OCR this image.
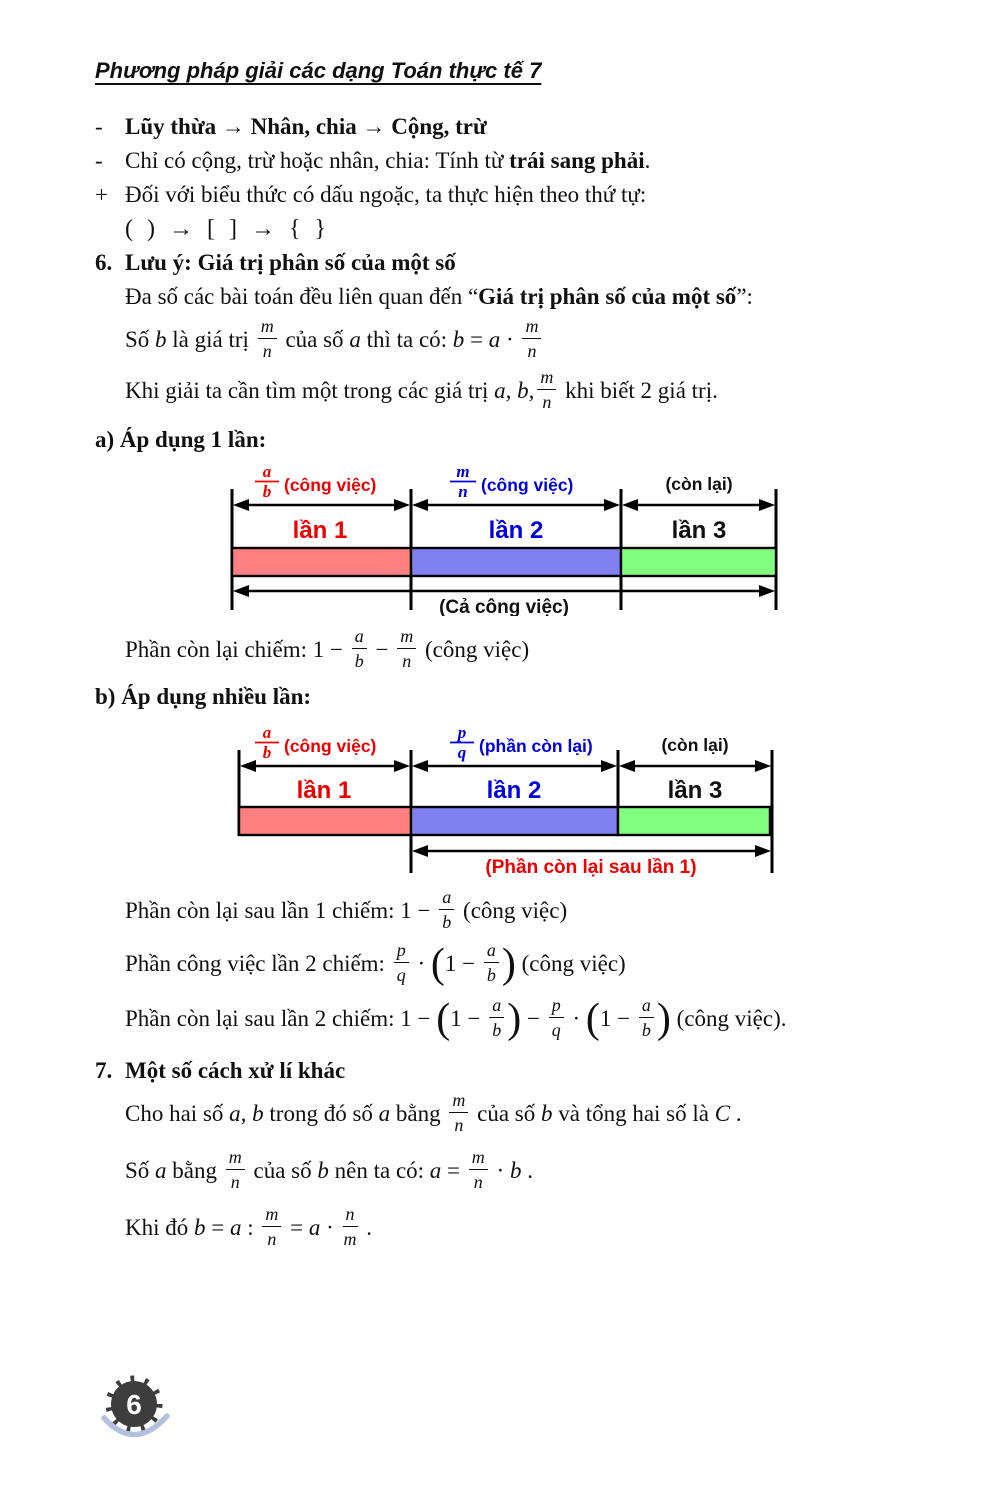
Phương pháp giải các dạng Toán thực tế 7
- Lũy thừa → Nhân, chia → Cộng, trừ
- Chỉ có cộng, trừ hoặc nhân, chia: Tính từ trái sang phải.
+ Đối với biểu thức có dấu ngoặc, ta thực hiện theo thứ tự:
( ) → [ ] → { }
6. Lưu ý: Giá trị phân số của một số
Đa số các bài toán đều liên quan đến “Giá trị phân số của một số”:
Số b là giá trị $\frac{m}{n}$ của số a thì ta có: $b = a \cdot \frac{m}{n}$
Khi giải ta cần tìm một trong các giá trị a, b, $\frac{m}{n}$ khi biết 2 giá trị.
a) Áp dụng 1 lần:
a
b (công việc)
m
n (công việc)	(còn lại)
lần 1	lần 2	lần 3
(Cả công việc)
Phần còn lại chiếm: $1 - \frac{a}{b} - \frac{m}{n}$ (công việc)
b) Áp dụng nhiều lần:
a
b (công việc)
p
q (phần còn lại)	(còn lại)
lần 1	lần 2	lần 3
(Phần còn lại sau lần 1)
Phần còn lại sau lần 1 chiếm: $1 - \frac{a}{b}$ (công việc)
Phần công việc lần 2 chiếm: $\frac{p}{q} \cdot (1 - \frac{a}{b}$ ) (công việc)
Phần còn lại sau lần 2 chiếm: $1 - (1 - \frac{a}{b}$ ) − $\frac{p}{q} \cdot (1 - \frac{a}{b}$ ) (công việc).
7. Một số cách xử lí khác
Cho hai số a, b trong đó số a bằng $\frac{m}{n}$ của số b và tổng hai số là C .
Số a bằng $\frac{m}{n}$ của số b nên ta có: $a = \frac{m}{n} \cdot b$ .
Khi đó b = a : $\frac{m}{n} = a \cdot \frac{n}{m}$ .
6
